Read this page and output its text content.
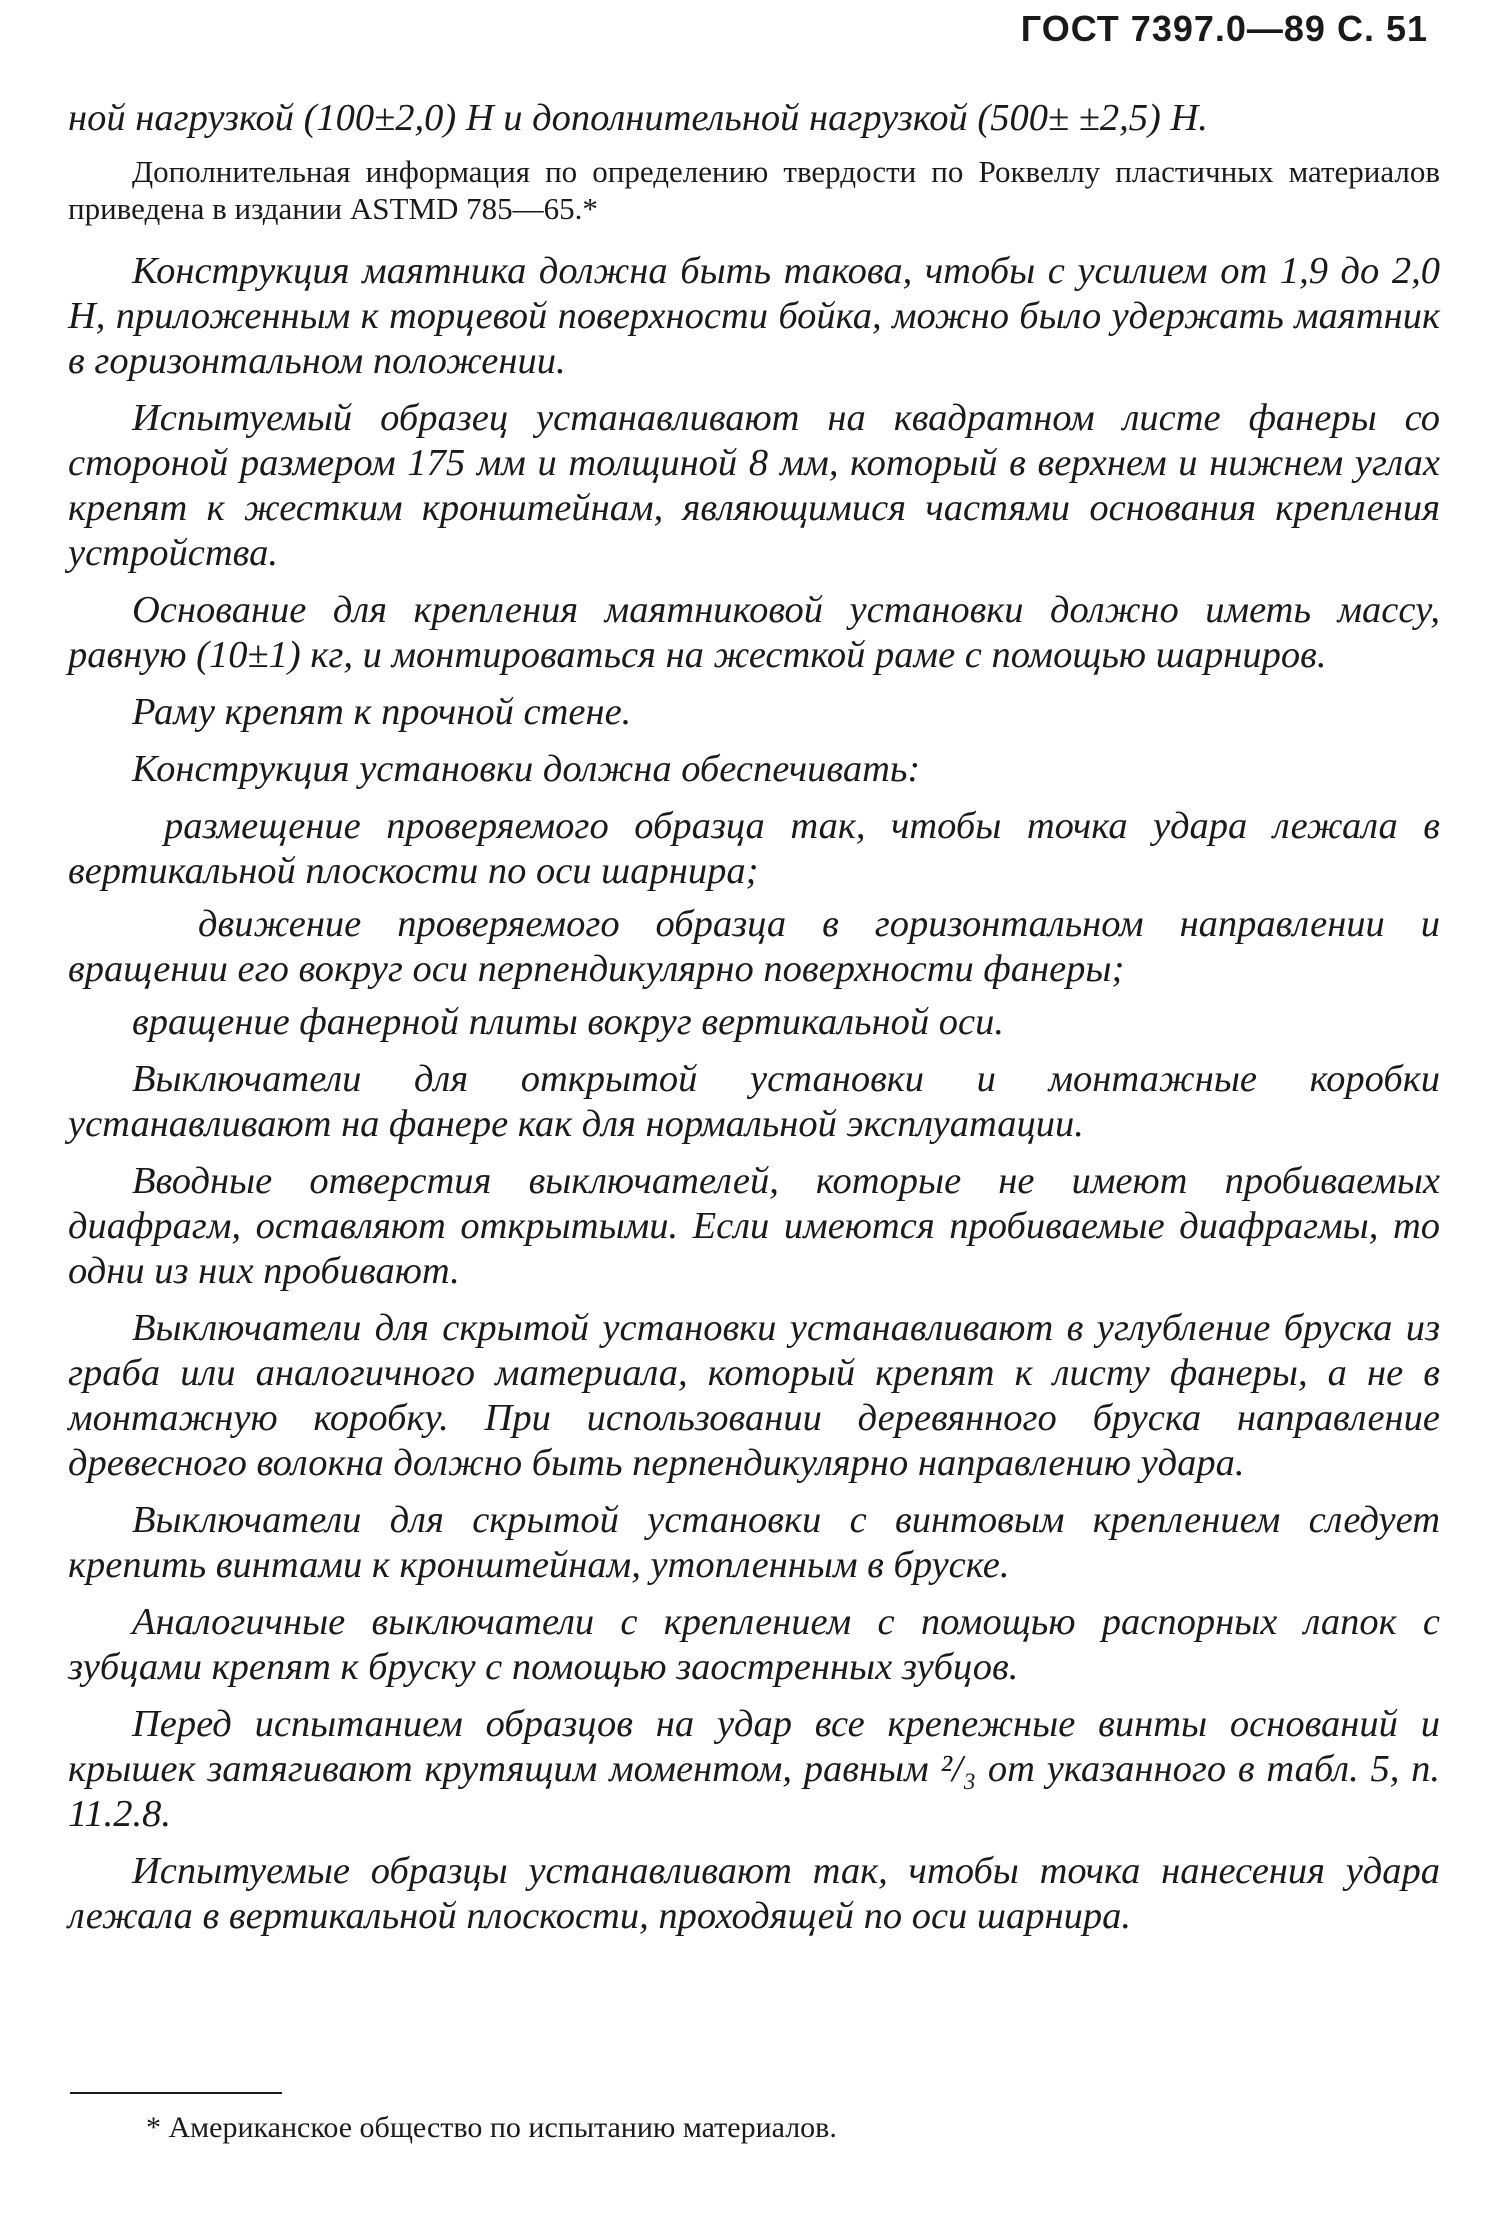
ГОСТ 7397.0—89 С. 51

ной нагрузкой (100±2,0) Н и дополнительной нагрузкой (500± ±2,5) Н.

Дополнительная информация по определению твердости по Роквеллу пластичных материалов приведена в издании ASTMD 785—65.*

Конструкция маятника должна быть такова, чтобы с усилием от 1,9 до 2,0 Н, приложенным к торцевой поверхности бойка, можно было удержать маятник в горизонтальном положении.

Испытуемый образец устанавливают на квадратном листе фанеры со стороной размером 175 мм и толщиной 8 мм, который в верхнем и нижнем углах крепят к жестким кронштейнам, являющимися частями основания крепления устройства.

Основание для крепления маятниковой установки должно иметь массу, равную (10±1) кг, и монтироваться на жесткой раме с помощью шарниров.

Раму крепят к прочной стене.

Конструкция установки должна обеспечивать:

размещение проверяемого образца так, чтобы точка удара лежала в вертикальной плоскости по оси шарнира;

движение проверяемого образца в горизонтальном направлении и вращении его вокруг оси перпендикулярно поверхности фанеры;

вращение фанерной плиты вокруг вертикальной оси.

Выключатели для открытой установки и монтажные коробки устанавливают на фанере как для нормальной эксплуатации.

Вводные отверстия выключателей, которые не имеют пробиваемых диафрагм, оставляют открытыми. Если имеются пробиваемые диафрагмы, то одни из них пробивают.

Выключатели для скрытой установки устанавливают в углубление бруска из граба или аналогичного материала, который крепят к листу фанеры, а не в монтажную коробку. При использовании деревянного бруска направление древесного волокна должно быть перпендикулярно направлению удара.

Выключатели для скрытой установки с винтовым креплением следует крепить винтами к кронштейнам, утопленным в бруске.

Аналогичные выключатели с креплением с помощью распорных лапок с зубцами крепят к бруску с помощью заостренных зубцов.

Перед испытанием образцов на удар все крепежные винты оснований и крышек затягивают крутящим моментом, равным ²/₃ от указанного в табл. 5, п. 11.2.8.

Испытуемые образцы устанавливают так, чтобы точка нанесения удара лежала в вертикальной плоскости, проходящей по оси шарнира.

* Американское общество по испытанию материалов.
